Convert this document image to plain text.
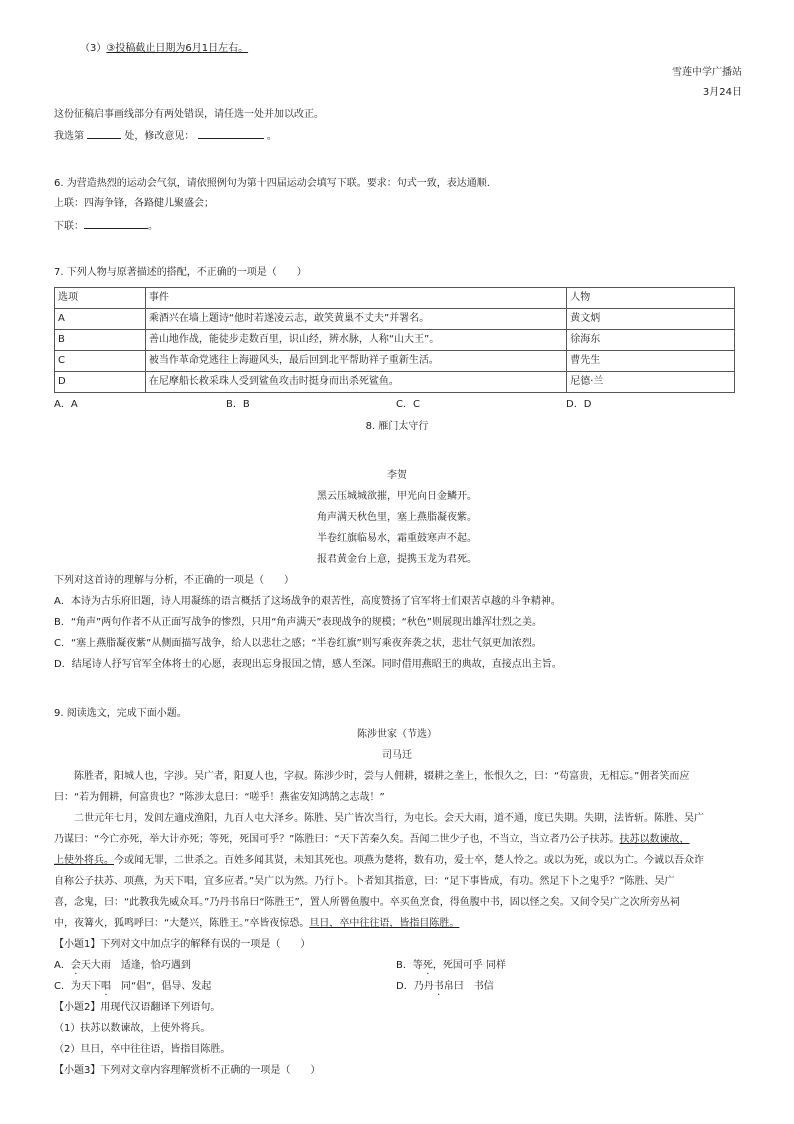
（3）③投稿截止日期为6月1日左右。
雪莲中学广播站
3月24日
这份征稿启事画线部分有两处错误，请任选一处并加以改正。
我选第	处，修改意见：	。
6. 为营造热烈的运动会气氛，请依照例句为第十四届运动会填写下联。要求：句式一致，表达通顺.
上联：四海争锋，各路健儿聚盛会；
下联：	。
7. 下列人物与原著描述的搭配，不正确的一项是（　　）
选项	事件	人物
A	乘酒兴在墙上题诗“他时若遂凌云志，敢笑黄巢不丈夫”并署名。	黄文炳
B	善山地作战，能徒步走数百里，识山经，辨水脉，人称“山大王”。	徐海东
C	被当作革命党逃往上海避风头，最后回到北平帮助祥子重新生活。	曹先生
D	在尼摩船长救采珠人受到鲨鱼攻击时挺身而出杀死鲨鱼。	尼德·兰
A．A	B．B	C．C	D．D
8. 雁门太守行
李贺
黑云压城城欲摧，甲光向日金鳞开。
角声满天秋色里，塞上燕脂凝夜紫。
半卷红旗临易水，霜重鼓寒声不起。
报君黄金台上意，提携玉龙为君死。
下列对这首诗的理解与分析，不正确的一项是（　　）
A．本诗为古乐府旧题，诗人用凝练的语言概括了这场战争的艰苦性，高度赞扬了官军将士们艰苦卓越的斗争精神。
B．“角声”两句作者不从正面写战争的惨烈，只用“角声满天”表现战争的规模；“秋色”则展现出雄浑壮烈之美。
C．“塞上燕脂凝夜紫”从侧面描写战争，给人以悲壮之感；“半卷红旗”则写乘夜奔袭之状，悲壮气氛更加浓烈。
D．结尾诗人抒写官军全体将士的心愿，表现出忘身报国之情，感人至深。同时借用燕昭王的典故，直接点出主旨。
9. 阅读选文，完成下面小题。
陈涉世家（节选）
司马迁
　　陈胜者，阳城人也，字涉。吴广者，阳夏人也，字叔。陈涉少时，尝与人佣耕，辍耕之垄上，怅恨久之，曰：“苟富贵，无相忘。”佣者笑而应
曰：“若为佣耕，何富贵也？”陈涉太息曰：“嗟乎！燕雀安知鸿鹄之志哉！”
　　二世元年七月，发闾左適戍渔阳，九百人屯大泽乡。陈胜、吴广皆次当行，为屯长。会天大雨，道不通，度已失期。失期，法皆斩。陈胜、吴广
乃谋曰：“今亡亦死，举大计亦死；等死，死国可乎？”陈胜曰：“天下苦秦久矣。吾闻二世少子也，不当立，当立者乃公子扶苏。扶苏以数谏故，
上使外将兵。今或闻无罪，二世杀之。百姓多闻其贤，未知其死也。项燕为楚将，数有功，爱士卒，楚人怜之。或以为死，或以为亡。今诚以吾众诈
自称公子扶苏、项燕，为天下唱，宜多应者。”吴广以为然。乃行卜。卜者知其指意，曰：“足下事皆成，有功。然足下卜之鬼乎？”陈胜、吴广
喜，念鬼，曰：“此教我先威众耳。”乃丹书帛曰“陈胜王”，置人所罾鱼腹中。卒买鱼烹食，得鱼腹中书，固以怪之矣。又间令吴广之次所旁丛祠
中，夜篝火，狐鸣呼曰：“大楚兴，陈胜王。”卒皆夜惊恐。旦日，卒中往往语，皆指目陈胜。
【小题1】下列对文中加点字的解释有误的一项是（　　）
A．会天大雨　适逢，恰巧遇到	B．等死，死国可乎 同样
C．为天下唱　同“倡”，倡导、发起	D．乃丹书帛曰　书信
【小题2】用现代汉语翻译下列语句。
（1）扶苏以数谏故，上使外将兵。
（2）旦日，卒中往往语，皆指目陈胜。
【小题3】下列对文章内容理解赏析不正确的一项是（　　）
